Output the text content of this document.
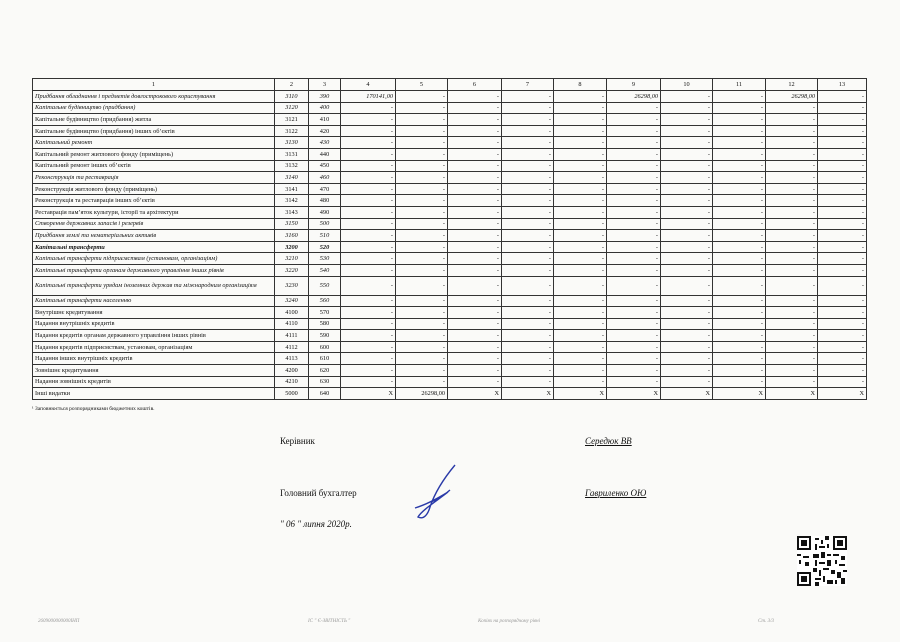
1	2	3	4	5	6	7	8	9	10	11	12	13
Придбання обладнання і предметів довгострокового користування	3110	390	170141,00	-	-	-	-	26298,00	-	-	26298,00	-
Капітальне будівництво (придбання)	3120	400	-	-	-	-	-	-	-	-	-	-
Капітальне будівництво (придбання) житла	3121	410	-	-	-	-	-	-	-	-	-	-
Капітальне будівництво (придбання) інших об’єктів	3122	420	-	-	-	-	-	-	-	-	-	-
Капітальний ремонт	3130	430	-	-	-	-	-	-	-	-	-	-
Капітальний ремонт житлового фонду (приміщень)	3131	440	-	-	-	-	-	-	-	-	-	-
Капітальний ремонт інших об’єктів	3132	450	-	-	-	-	-	-	-	-	-	-
Реконструкція та реставрація	3140	460	-	-	-	-	-	-	-	-	-	-
Реконструкція житлового фонду (приміщень)	3141	470	-	-	-	-	-	-	-	-	-	-
Реконструкція та реставрація інших об’єктів	3142	480	-	-	-	-	-	-	-	-	-	-
Реставрація пам’яток культури, історії та архітектури	3143	490	-	-	-	-	-	-	-	-	-	-
Створення державних запасів і резервів	3150	500	-	-	-	-	-	-	-	-	-	-
Придбання землі та нематеріальних активів	3160	510	-	-	-	-	-	-	-	-	-	-
Капітальні трансферти	3200	520	-	-	-	-	-	-	-	-	-	-
Капітальні трансферти підприємствам (установам, організаціям)	3210	530	-	-	-	-	-	-	-	-	-	-
Капітальні трансферти органам державного управління інших рівнів	3220	540	-	-	-	-	-	-	-	-	-	-
Капітальні трансферти урядам іноземних держав та міжнародним організаціям	3230	550	-	-	-	-	-	-	-	-	-	-
Капітальні трансферти населенню	3240	560	-	-	-	-	-	-	-	-	-	-
Внутрішнє кредитування	4100	570	-	-	-	-	-	-	-	-	-	-
Надання внутрішніх кредитів	4110	580	-	-	-	-	-	-	-	-	-	-
Надання кредитів органам державного управління інших рівнів	4111	590	-	-	-	-	-	-	-	-	-	-
Надання кредитів підприємствам, установам, організаціям	4112	600	-	-	-	-	-	-	-	-	-	-
Надання інших внутрішніх кредитів	4113	610	-	-	-	-	-	-	-	-	-	-
Зовнішнє кредитування	4200	620	-	-	-	-	-	-	-	-	-	-
Надання зовнішніх кредитів	4210	630	-	-	-	-	-	-	-	-	-	-
Інші видатки	5000	640	X	26298,00	X	X	X	X	X	X	X	X
¹ Заповнюється розпорядниками бюджетних коштів.
Керівник	Середюк ВВ
Головний бухгалтер	Гавриленко ОЮ
" 06 " липня 2020р.
2609000000000ІНП	IС " Є-ЗВІТНІСТЬ "	Копіях на розпорядчому рівні	Ст. 3/3
